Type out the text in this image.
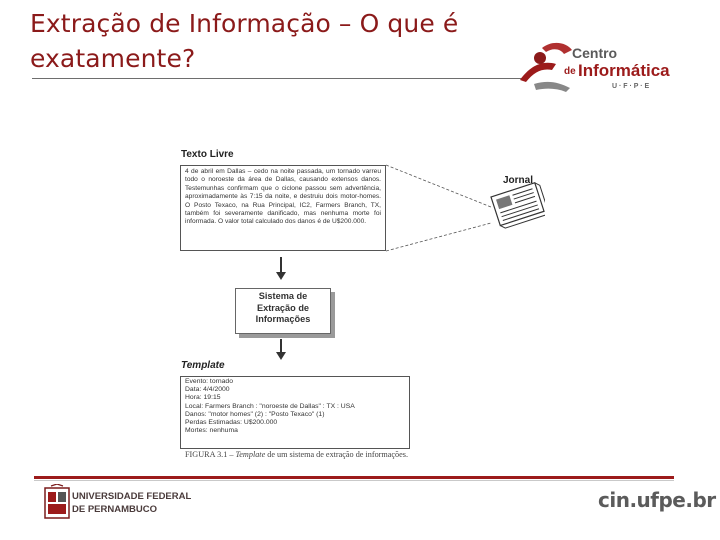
Extração de Informação – O que é
exatamente?	Centro
de Informática
U · F · P · E
Texto Livre
4 de abril em Dallas – cedo na noite passada, um tornado varreu todo o noroeste da área de Dallas, causando extensos danos. Testemunhas confirmam que o ciclone passou sem advertência, aproximadamente às 7:15 da noite, e destruiu dois motor-homes. O Posto Texaco, na Rua Principal, IC2, Farmers Branch, TX, também foi severamente danificado, mas nenhuma morte foi informada. O valor total calculado dos danos é de U$200.000.
Jornal
Sistema de
Extração de
Informações
Template
Evento: tornado
Data: 4/4/2000
Hora: 19:15
Local: Farmers Branch : "noroeste de Dallas" : TX : USA
Danos: "motor homes" (2) : "Posto Texaco" (1)
Perdas Estimadas: U$200.000
Mortes: nenhuma
FIGURA 3.1 – Template de um sistema de extração de informações.
UNIVERSIDADE FEDERAL
DE PERNAMBUCO	cin.ufpe.br
